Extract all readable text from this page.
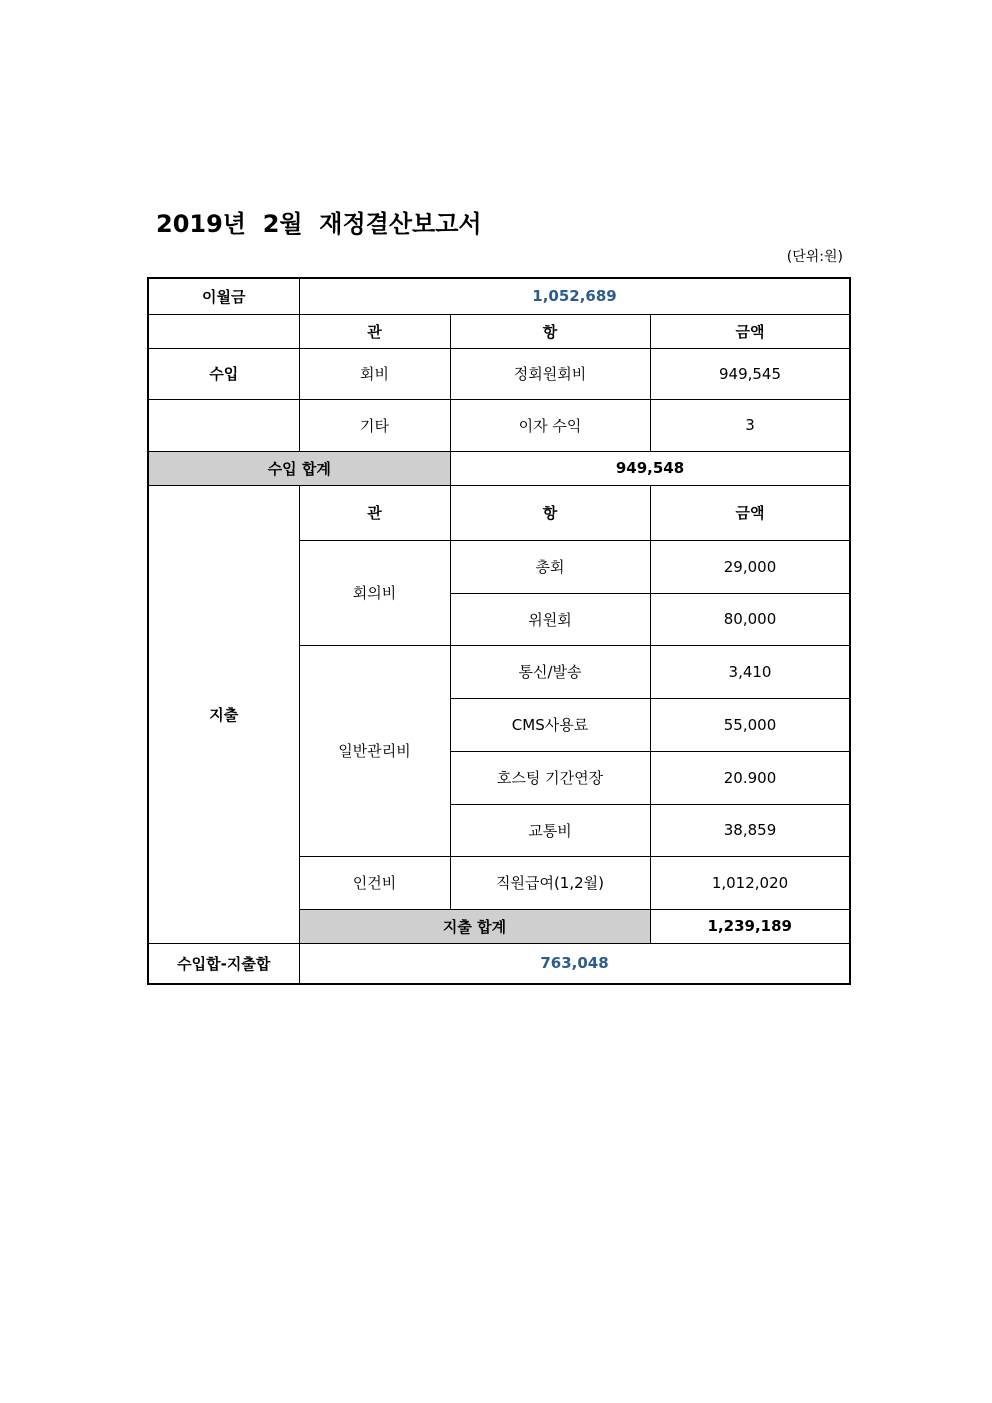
2019년  2월  재정결산보고서
(단위:원)
이월금	1,052,689		
	관	항	금액
수입	회비	정회원회비	949,545
	기타	이자 수익	3
수입 합계		949,548	
지출	관	항	금액
	회의비	총회	29,000
		위원회	80,000
	일반관리비	통신/발송	3,410
		CMS사용료	55,000
		호스팅 기간연장	20.900
		교통비	38,859
	인건비	직원급여(1,2월)	1,012,020
	지출 합계		1,239,189
수입합-지출합	763,048		
